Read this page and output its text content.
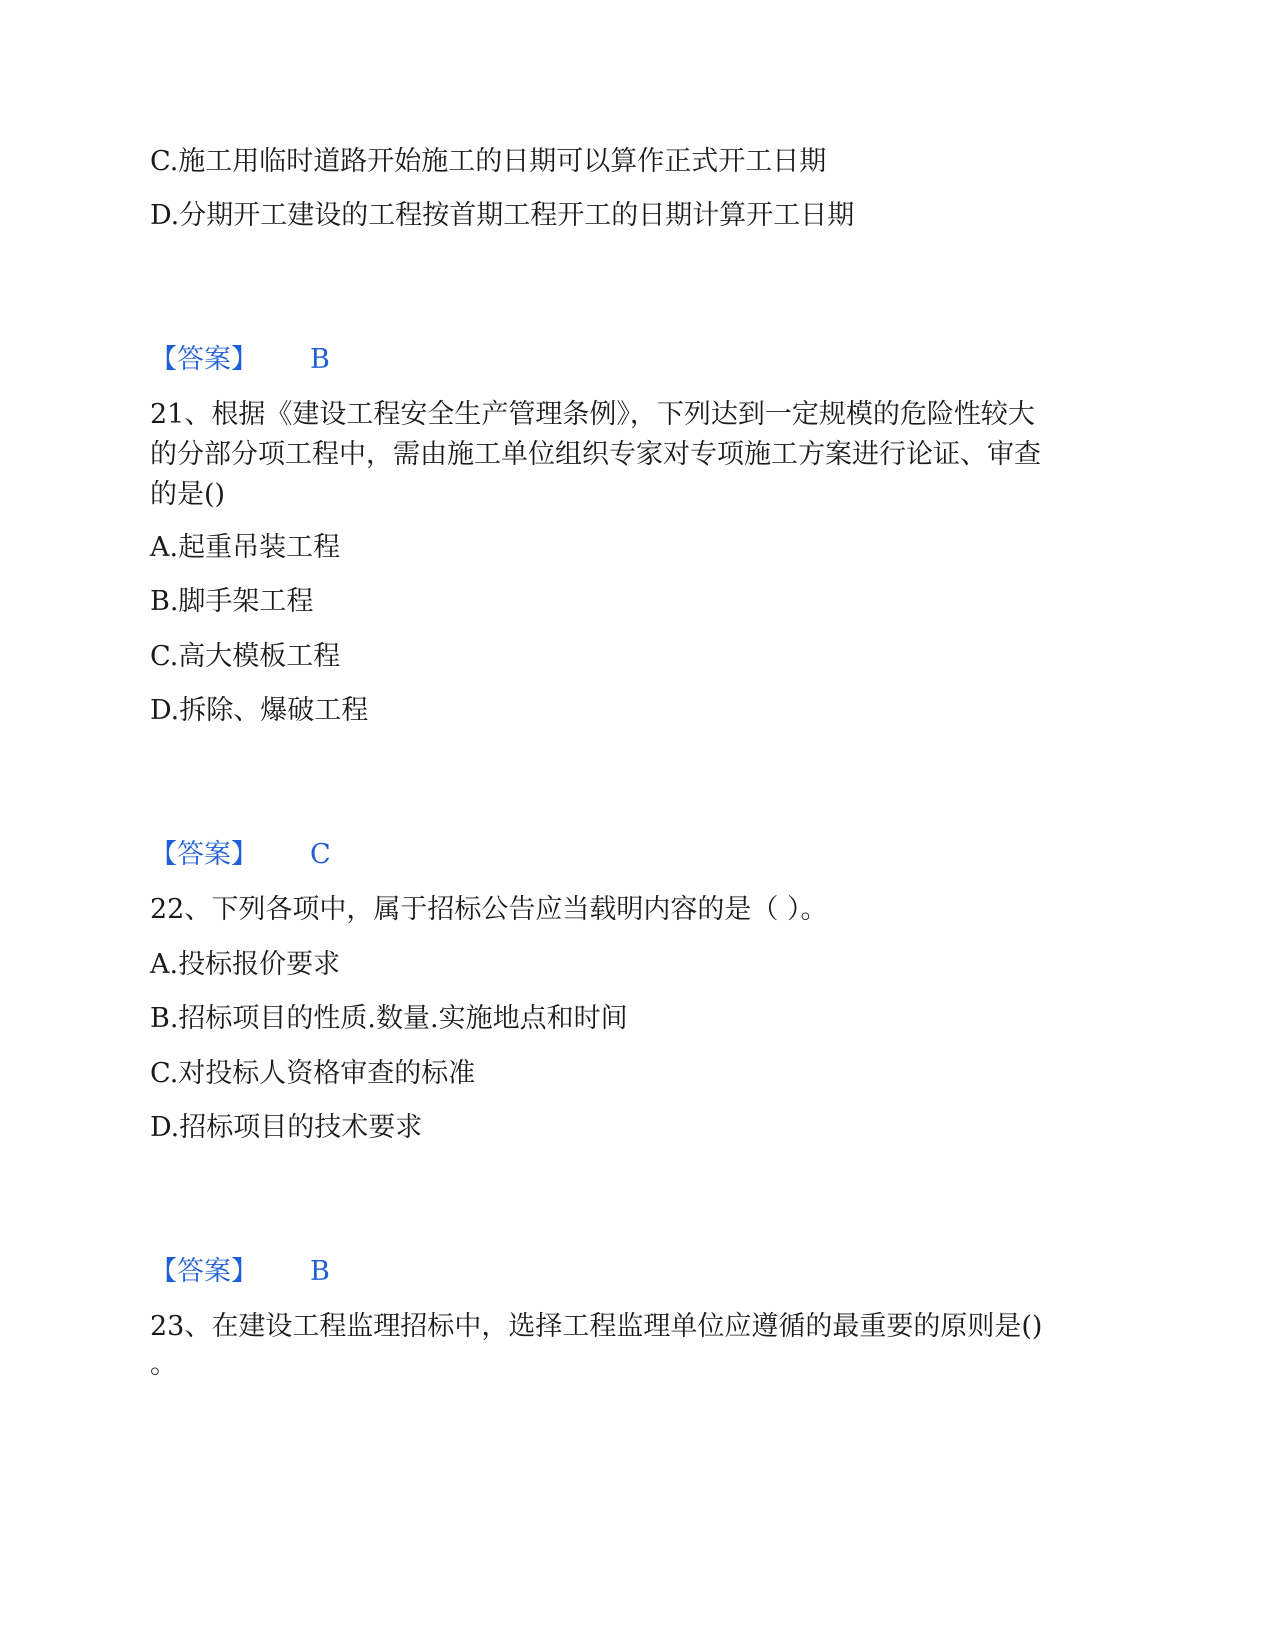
C.施工用临时道路开始施工的日期可以算作正式开工日期
D.分期开工建设的工程按首期工程开工的日期计算开工日期
【答案】 B
21、根据《建设工程安全生产管理条例》，下列达到一定规模的危险性较大
的分部分项工程中，需由施工单位组织专家对专项施工方案进行论证、审查
的是()
A.起重吊装工程
B.脚手架工程
C.高大模板工程
D.拆除、爆破工程
【答案】 C
22、下列各项中，属于招标公告应当载明内容的是（ ）。
A.投标报价要求
B.招标项目的性质.数量.实施地点和时间
C.对投标人资格审查的标准
D.招标项目的技术要求
【答案】 B
23、在建设工程监理招标中，选择工程监理单位应遵循的最重要的原则是()
。
